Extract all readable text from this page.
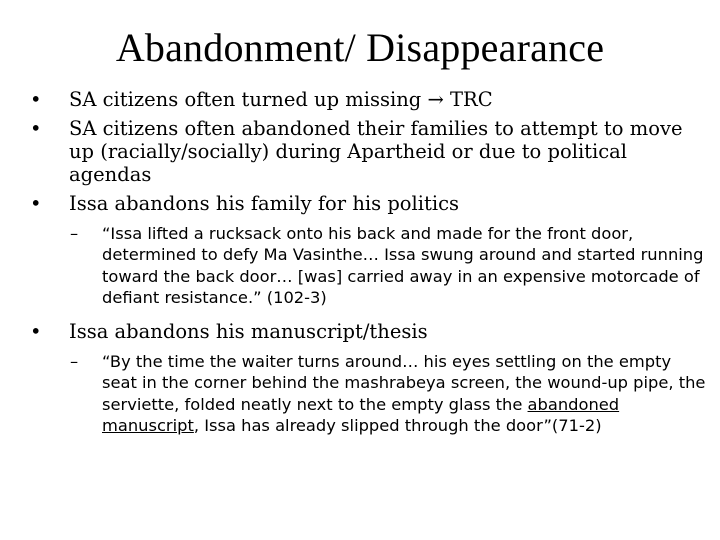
Abandonment/ Disappearance
•	SA citizens often turned up missing → TRC
•	SA citizens often abandoned their families to attempt to move up (racially/socially) during Apartheid or due to political agendas
•	Issa abandons his family for his politics
– “Issa lifted a rucksack onto his back and made for the front door, determined to defy Ma Vasinthe… Issa swung around and started running toward the back door… [was] carried away in an expensive motorcade of defiant resistance.” (102-3)
•	Issa abandons his manuscript/thesis
– “By the time the waiter turns around… his eyes settling on the empty seat in the corner behind the mashrabeya screen, the wound-up pipe, the serviette, folded neatly next to the empty glass the abandoned manuscript, Issa has already slipped through the door”(71-2)
